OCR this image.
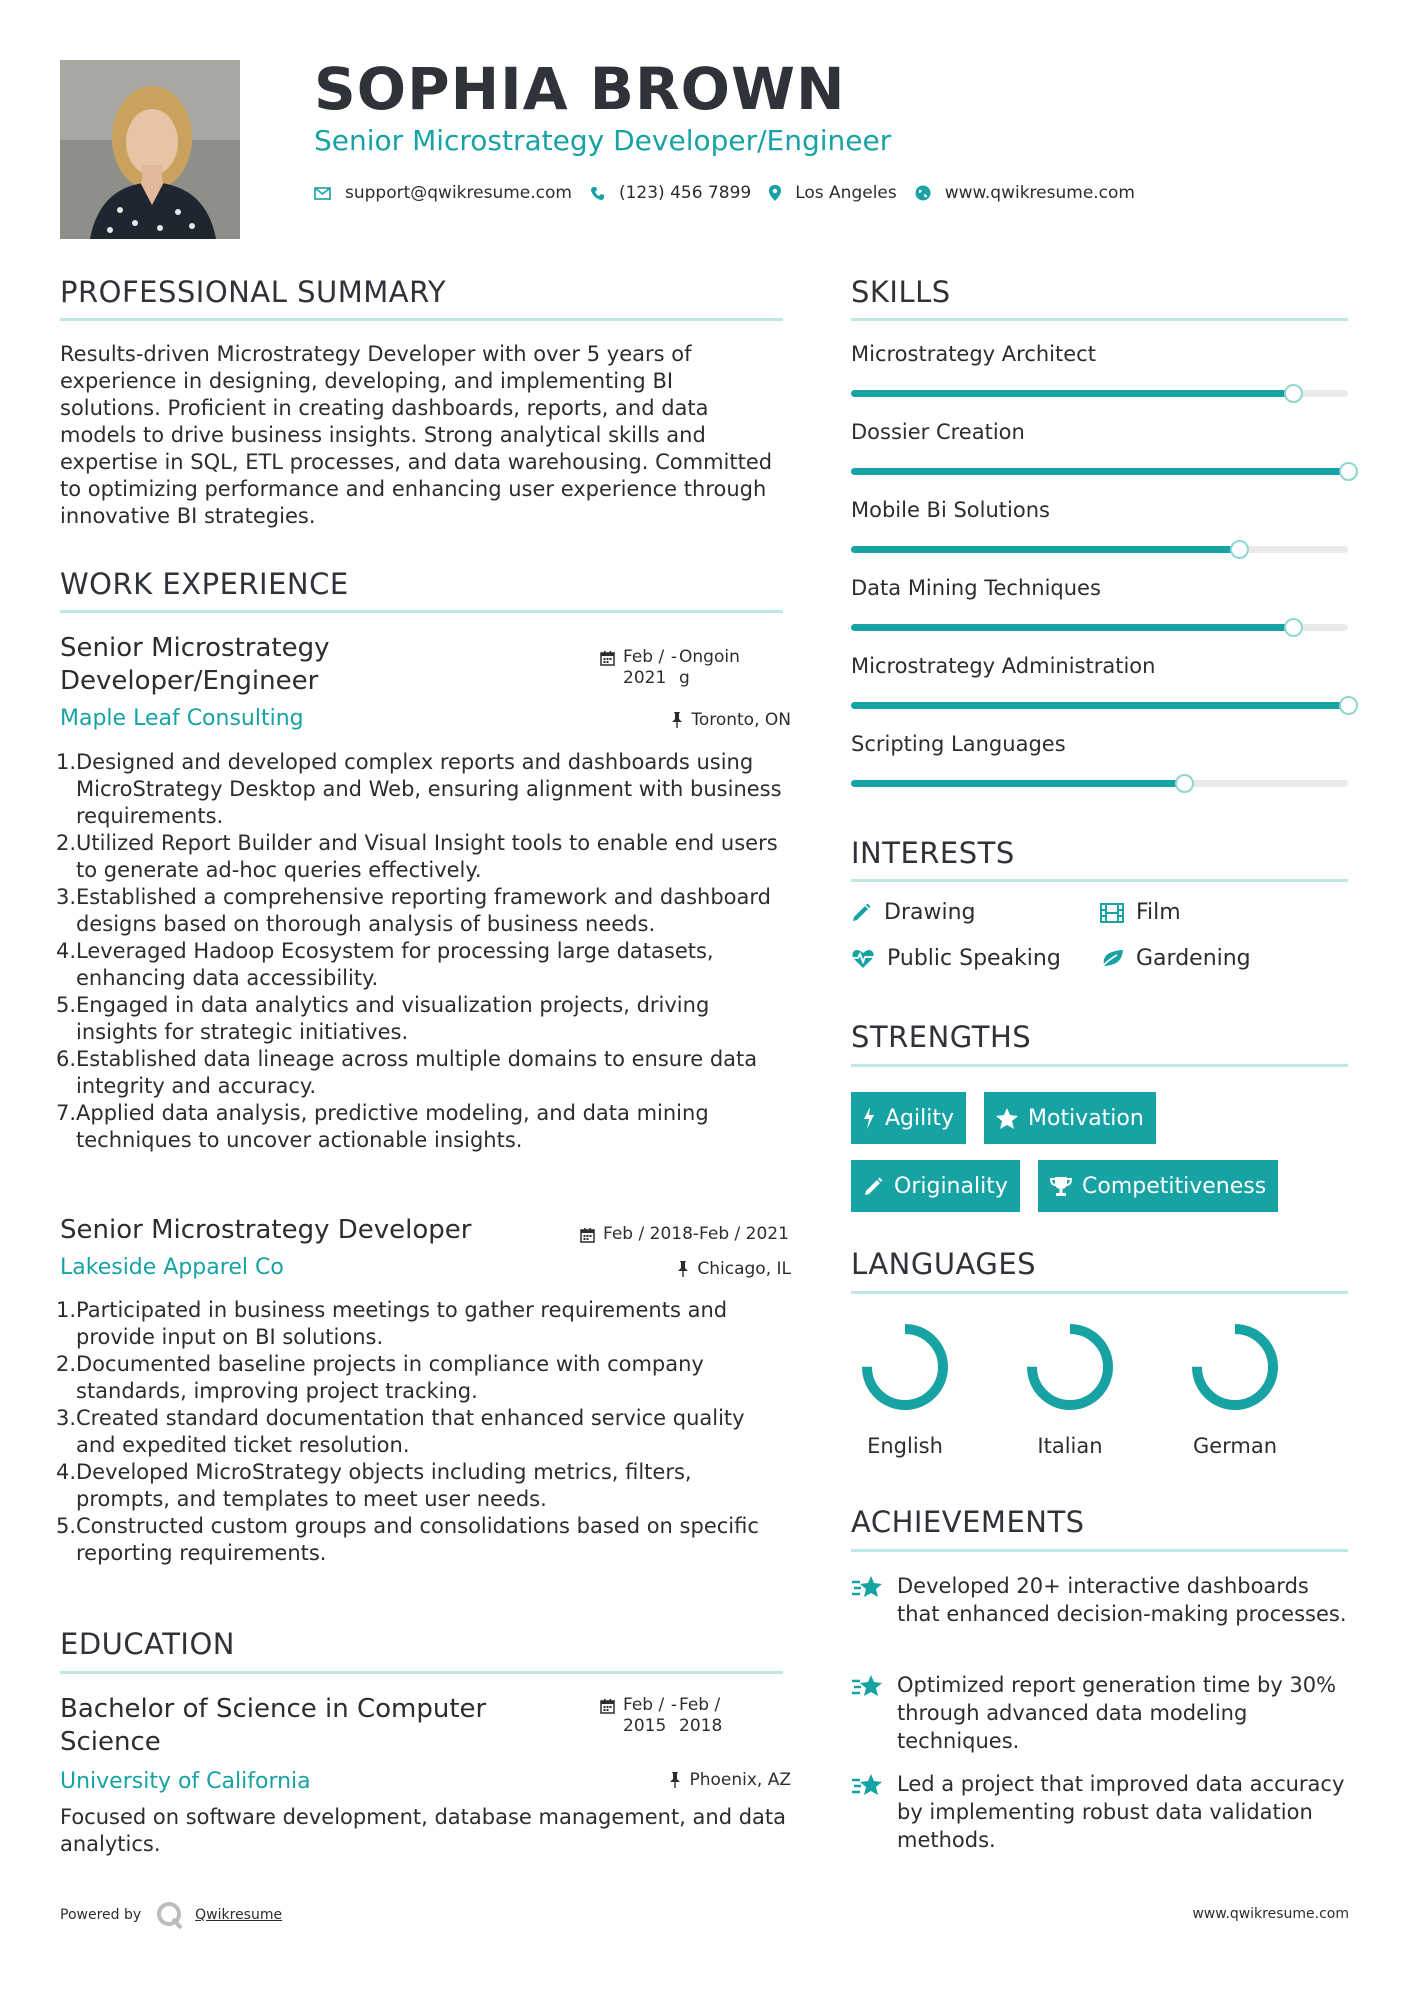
SOPHIA BROWN
Senior Microstrategy Developer/Engineer
support@qwikresume.com	(123) 456 7899	Los Angeles	www.qwikresume.com
PROFESSIONAL SUMMARY
Results-driven Microstrategy Developer with over 5 years of experience in designing, developing, and implementing BI solutions. Proficient in creating dashboards, reports, and data models to drive business insights. Strong analytical skills and expertise in SQL, ETL processes, and data warehousing. Committed to optimizing performance and enhancing user experience through innovative BI strategies.
WORK EXPERIENCE
Senior Microstrategy Developer/Engineer
Feb / 2021
- Ongoing
Maple Leaf Consulting	Toronto, ON
1. Designed and developed complex reports and dashboards using MicroStrategy Desktop and Web, ensuring alignment with business requirements.
2. Utilized Report Builder and Visual Insight tools to enable end users to generate ad-hoc queries effectively.
3. Established a comprehensive reporting framework and dashboard designs based on thorough analysis of business needs.
4. Leveraged Hadoop Ecosystem for processing large datasets, enhancing data accessibility.
5. Engaged in data analytics and visualization projects, driving insights for strategic initiatives.
6. Established data lineage across multiple domains to ensure data integrity and accuracy.
7. Applied data analysis, predictive modeling, and data mining techniques to uncover actionable insights.
Senior Microstrategy Developer	Feb / 2018-Feb / 2021
Lakeside Apparel Co	Chicago, IL
1. Participated in business meetings to gather requirements and provide input on BI solutions.
2. Documented baseline projects in compliance with company standards, improving project tracking.
3. Created standard documentation that enhanced service quality and expedited ticket resolution.
4. Developed MicroStrategy objects including metrics, filters, prompts, and templates to meet user needs.
5. Constructed custom groups and consolidations based on specific reporting requirements.
EDUCATION
Bachelor of Science in Computer Science
Feb / 2015
- Feb / 2018
University of California	Phoenix, AZ
Focused on software development, database management, and data analytics.
SKILLS
Microstrategy Architect
Dossier Creation
Mobile Bi Solutions
Data Mining Techniques
Microstrategy Administration
Scripting Languages
INTERESTS
Drawing	Film
Public Speaking	Gardening
STRENGTHS
Agility	Motivation
Originality	Competitiveness
LANGUAGES
English	Italian	German
ACHIEVEMENTS
Developed 20+ interactive dashboards that enhanced decision-making processes.
Optimized report generation time by 30% through advanced data modeling techniques.
Led a project that improved data accuracy by implementing robust data validation methods.
Powered by	Qwikresume	www.qwikresume.com
